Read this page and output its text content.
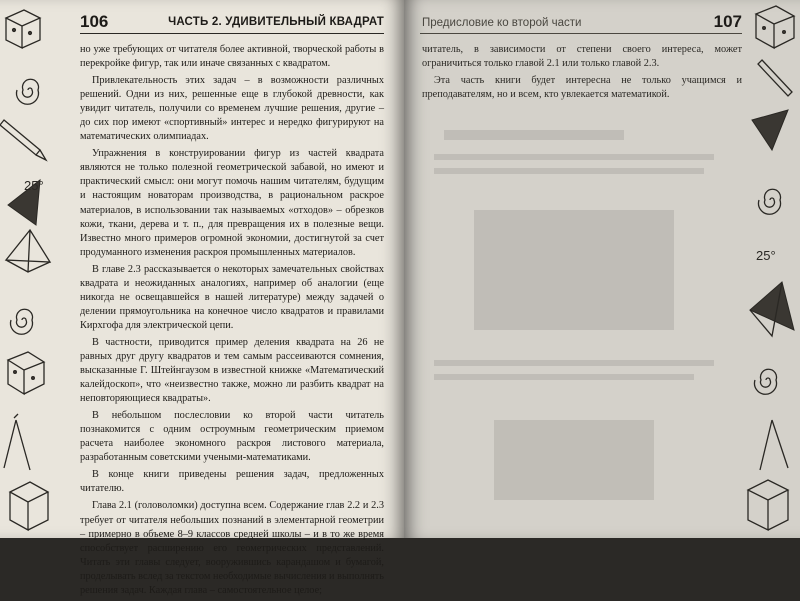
25°
106	ЧАСТЬ 2. УДИВИТЕЛЬНЫЙ КВАДРАТ

но уже требующих от читателя более активной, творческой работы в перекройке фигур, так или иначе связанных с квадратом.

Привлекательность этих задач – в возможности различных решений. Одни из них, решенные еще в глубокой древности, как увидит читатель, получили со временем лучшие решения, другие – до сих пор имеют «спортивный» интерес и нередко фигурируют на математических олимпиадах.

Упражнения в конструировании фигур из частей квадрата являются не только полезной геометрической забавой, но имеют и практический смысл: они могут помочь нашим читателям, будущим и настоящим новаторам производства, в рациональном раскрое материалов, в использовании так называемых «отходов» – обрезков кожи, ткани, дерева и т. п., для превращения их в полезные вещи. Известно много примеров огромной экономии, достигнутой за счет продуманного изменения раскроя промышленных материалов.

В главе 2.3 рассказывается о некоторых замечательных свойствах квадрата и неожиданных аналогиях, например об аналогии (еще никогда не освещавшейся в нашей литературе) между задачей о делении прямоугольника на конечное число квадратов и правилами Кирхгофа для электрической цепи.

В частности, приводится пример деления квадрата на 26 не равных друг другу квадратов и тем самым рассеиваются сомнения, высказанные Г. Штейнгаузом в известной книжке «Математический калейдоскоп», что «неизвестно также, можно ли разбить квадрат на неповторяющиеся квадраты».

В небольшом послесловии ко второй части читатель познакомится с одним остроумным геометрическим приемом расчета наиболее экономного раскроя листового материала, разработанным советскими учеными-математиками.

В конце книги приведены решения задач, предложенных читателю.

Глава 2.1 (головоломки) доступна всем. Содержание глав 2.2 и 2.3 требует от читателя небольших познаний в элементарной геометрии – примерно в объеме 8–9 классов средней школы – и в то же время способствует расширению его геометрических представлений. Читать эти главы следует, вооружившись карандашом и бумагой, проделывать вслед за текстом необходимые вычисления и выполнять решения задач. Каждая глава – самостоятельное целое;

Предисловие ко второй части	107

читатель, в зависимости от степени своего интереса, может ограничиться только главой 2.1 или только главой 2.3.

Эта часть книги будет интересна не только учащимся и преподавателям, но и всем, кто увлекается математикой.

25°
